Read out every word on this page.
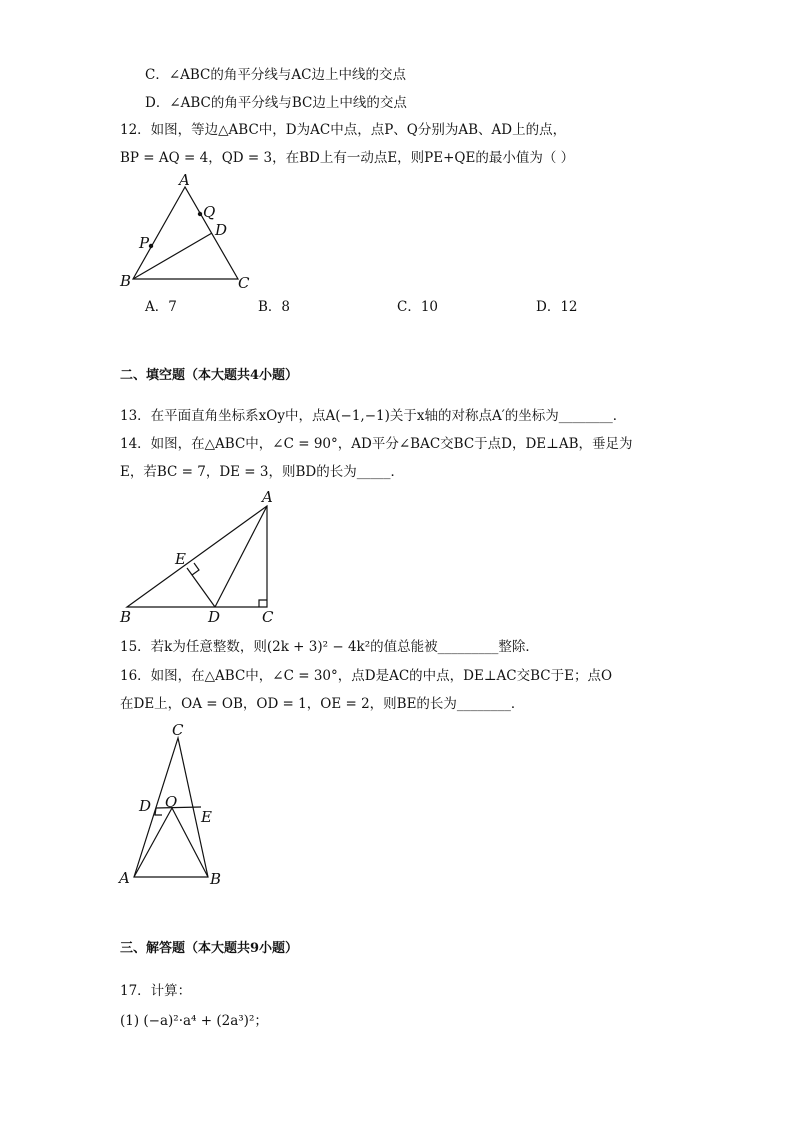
C．∠ABC的角平分线与AC边上中线的交点
D．∠ABC的角平分线与BC边上中线的交点
12．如图，等边△ABC中，D为AC中点，点P、Q分别为AB、AD上的点，
BP = AQ = 4，QD = 3，在BD上有一动点E，则PE+QE的最小值为（ ）
A
Q
D
P
B	C
A．7	B．8	C．10	D．12
二、填空题（本大题共4小题）
13．在平面直角坐标系xOy中，点A(−1,−1)关于x轴的对称点A′的坐标为________．
14．如图，在△ABC中，∠C = 90°，AD平分∠BAC交BC于点D，DE⊥AB，垂足为
E，若BC = 7，DE = 3，则BD的长为_____．
A
E
B	D	C
15．若k为任意整数，则(2k + 3)² − 4k²的值总能被_________整除．
16．如图，在△ABC中，∠C = 30°，点D是AC的中点，DE⊥AC交BC于E；点O
在DE上，OA = OB，OD = 1，OE = 2，则BE的长为________．
C
D O
E
A	B
三、解答题（本大题共9小题）
17．计算：
(1) (−a)²·a⁴ + (2a³)²；
